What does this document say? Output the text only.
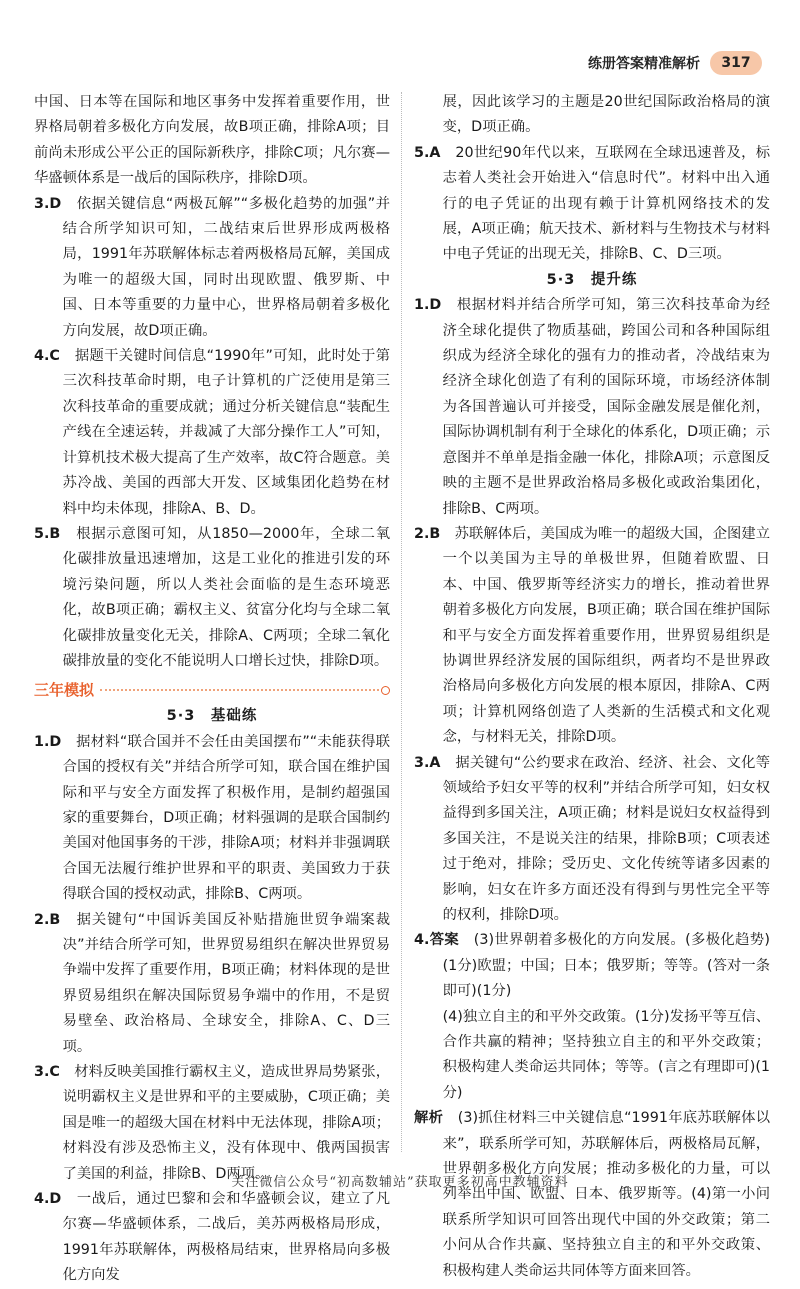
练册答案精准解析	317

中国、日本等在国际和地区事务中发挥着重要作用，世界格局朝着多极化方向发展，故B项正确，排除A项；目前尚未形成公平公正的国际新秩序，排除C项；凡尔赛—华盛顿体系是一战后的国际秩序，排除D项。

3.D　 依据关键信息“两极瓦解”“多极化趋势的加强”并结合所学知识可知，二战结束后世界形成两极格局，1991年苏联解体标志着两极格局瓦解，美国成为唯一的超级大国，同时出现欧盟、俄罗斯、中国、日本等重要的力量中心，世界格局朝着多极化方向发展，故D项正确。

4.C　 据题干关键时间信息“1990年”可知，此时处于第三次科技革命时期，电子计算机的广泛使用是第三次科技革命的重要成就；通过分析关键信息“装配生产线在全速运转，并裁减了大部分操作工人”可知，计算机技术极大提高了生产效率，故C符合题意。美苏冷战、美国的西部大开发、区域集团化趋势在材料中均未体现，排除A、B、D。

5.B　 根据示意图可知，从1850—2000年，全球二氧化碳排放量迅速增加，这是工业化的推进引发的环境污染问题，所以人类社会面临的是生态环境恶化，故B项正确；霸权主义、贫富分化均与全球二氧化碳排放量变化无关，排除A、C两项；全球二氧化碳排放量的变化不能说明人口增长过快，排除D项。

三年模拟

5·3　基础练

1.D　 据材料“联合国并不会任由美国摆布”“未能获得联合国的授权有关”并结合所学可知，联合国在维护国际和平与安全方面发挥了积极作用，是制约超强国家的重要舞台，D项正确；材料强调的是联合国制约美国对他国事务的干涉，排除A项；材料并非强调联合国无法履行维护世界和平的职责、美国致力于获得联合国的授权动武，排除B、C两项。

2.B　 据关键句“中国诉美国反补贴措施世贸争端案裁决”并结合所学可知，世界贸易组织在解决世界贸易争端中发挥了重要作用，B项正确；材料体现的是世界贸易组织在解决国际贸易争端中的作用，不是贸易壁垒、政治格局、全球安全，排除A、C、D三项。

3.C　 材料反映美国推行霸权主义，造成世界局势紧张，说明霸权主义是世界和平的主要威胁，C项正确；美国是唯一的超级大国在材料中无法体现，排除A项；材料没有涉及恐怖主义，没有体现中、俄两国损害了美国的利益，排除B、D两项。

4.D　 一战后，通过巴黎和会和华盛顿会议，建立了凡尔赛—华盛顿体系，二战后，美苏两极格局形成，1991年苏联解体，两极格局结束，世界格局向多极化方向发

展，因此该学习的主题是20世纪国际政治格局的演变，D项正确。

5.A　 20世纪90年代以来，互联网在全球迅速普及，标志着人类社会开始进入“信息时代”。材料中出入通行的电子凭证的出现有赖于计算机网络技术的发展，A项正确；航天技术、新材料与生物技术与材料中电子凭证的出现无关，排除B、C、D三项。

5·3　提升练

1.D　 根据材料并结合所学可知，第三次科技革命为经济全球化提供了物质基础，跨国公司和各种国际组织成为经济全球化的强有力的推动者，冷战结束为经济全球化创造了有利的国际环境，市场经济体制为各国普遍认可并接受，国际金融发展是催化剂，国际协调机制有利于全球化的体系化，D项正确；示意图并不单单是指金融一体化，排除A项；示意图反映的主题不是世界政治格局多极化或政治集团化，排除B、C两项。

2.B　 苏联解体后，美国成为唯一的超级大国，企图建立一个以美国为主导的单极世界，但随着欧盟、日本、中国、俄罗斯等经济实力的增长，推动着世界朝着多极化方向发展，B项正确；联合国在维护国际和平与安全方面发挥着重要作用，世界贸易组织是协调世界经济发展的国际组织，两者均不是世界政治格局向多极化方向发展的根本原因，排除A、C两项；计算机网络创造了人类新的生活模式和文化观念，与材料无关，排除D项。

3.A　 据关键句“公约要求在政治、经济、社会、文化等领域给予妇女平等的权利”并结合所学可知，妇女权益得到多国关注，A项正确；材料是说妇女权益得到多国关注，不是说关注的结果，排除B项；C项表述过于绝对，排除；受历史、文化传统等诸多因素的影响，妇女在许多方面还没有得到与男性完全平等的权利，排除D项。

4.答案　 (3)世界朝着多极化的方向发展。(多极化趋势)(1分)欧盟；中国；日本；俄罗斯；等等。(答对一条即可)(1分)

(4)独立自主的和平外交政策。(1分)发扬平等互信、合作共赢的精神；坚持独立自主的和平外交政策；积极构建人类命运共同体；等等。(言之有理即可)(1分)

解析　 (3)抓住材料三中关键信息“1991年底苏联解体以来”，联系所学可知，苏联解体后，两极格局瓦解，世界朝多极化方向发展；推动多极化的力量，可以列举出中国、欧盟、日本、俄罗斯等。(4)第一小问联系所学知识可回答出现代中国的外交政策；第二小问从合作共赢、坚持独立自主的和平外交政策、积极构建人类命运共同体等方面来回答。

关注微信公众号“初高数辅站”获取更多初高中教辅资料
